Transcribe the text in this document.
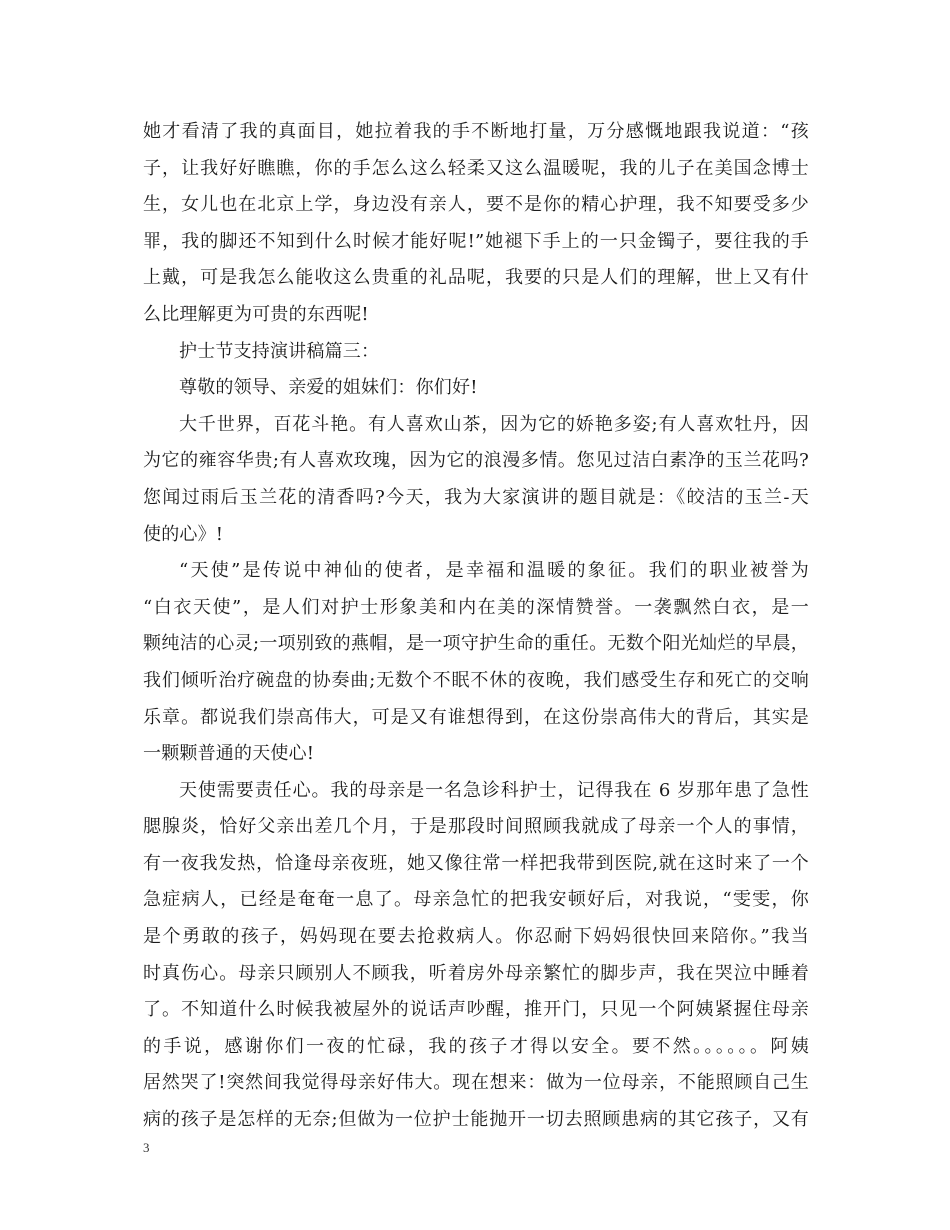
她才看清了我的真面目，她拉着我的手不断地打量，万分感慨地跟我说道：“孩
子，让我好好瞧瞧，你的手怎么这么轻柔又这么温暖呢，我的儿子在美国念博士
生，女儿也在北京上学，身边没有亲人，要不是你的精心护理，我不知要受多少
罪，我的脚还不知到什么时候才能好呢!”她褪下手上的一只金镯子，要往我的手
上戴，可是我怎么能收这么贵重的礼品呢，我要的只是人们的理解，世上又有什
么比理解更为可贵的东西呢!
护士节支持演讲稿篇三：
尊敬的领导、亲爱的姐妹们：你们好!
大千世界，百花斗艳。有人喜欢山茶，因为它的娇艳多姿;有人喜欢牡丹，因
为它的雍容华贵;有人喜欢玫瑰，因为它的浪漫多情。您见过洁白素净的玉兰花吗?
您闻过雨后玉兰花的清香吗?今天，我为大家演讲的题目就是：《皎洁的玉兰-天
使的心》!
“天使”是传说中神仙的使者，是幸福和温暖的象征。我们的职业被誉为
“白衣天使”，是人们对护士形象美和内在美的深情赞誉。一袭飘然白衣，是一
颗纯洁的心灵;一项别致的燕帽，是一项守护生命的重任。无数个阳光灿烂的早晨，
我们倾听治疗碗盘的协奏曲;无数个不眠不休的夜晚，我们感受生存和死亡的交响
乐章。都说我们崇高伟大，可是又有谁想得到，在这份崇高伟大的背后，其实是
一颗颗普通的天使心!
天使需要责任心。我的母亲是一名急诊科护士，记得我在 6 岁那年患了急性
腮腺炎，恰好父亲出差几个月，于是那段时间照顾我就成了母亲一个人的事情，
有一夜我发热，恰逢母亲夜班，她又像往常一样把我带到医院,就在这时来了一个
急症病人，已经是奄奄一息了。母亲急忙的把我安顿好后，对我说，“雯雯，你
是个勇敢的孩子，妈妈现在要去抢救病人。你忍耐下妈妈很快回来陪你。”我当
时真伤心。母亲只顾别人不顾我，听着房外母亲繁忙的脚步声，我在哭泣中睡着
了。不知道什么时候我被屋外的说话声吵醒，推开门，只见一个阿姨紧握住母亲
的手说，感谢你们一夜的忙碌，我的孩子才得以安全。要不然。。。。。。阿姨
居然哭了!突然间我觉得母亲好伟大。现在想来：做为一位母亲，不能照顾自己生
病的孩子是怎样的无奈;但做为一位护士能抛开一切去照顾患病的其它孩子，又有
3
